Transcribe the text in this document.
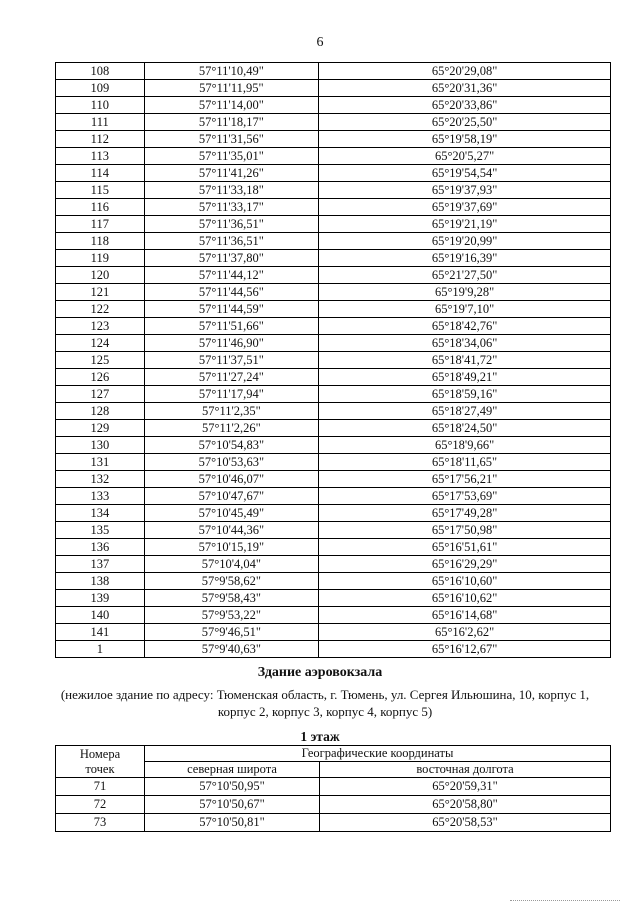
6
108	57°11'10,49"	65°20'29,08"
109	57°11'11,95"	65°20'31,36"
110	57°11'14,00"	65°20'33,86"
111	57°11'18,17"	65°20'25,50"
112	57°11'31,56"	65°19'58,19"
113	57°11'35,01"	65°20'5,27"
114	57°11'41,26"	65°19'54,54"
115	57°11'33,18"	65°19'37,93"
116	57°11'33,17"	65°19'37,69"
117	57°11'36,51"	65°19'21,19"
118	57°11'36,51"	65°19'20,99"
119	57°11'37,80"	65°19'16,39"
120	57°11'44,12"	65°21'27,50"
121	57°11'44,56"	65°19'9,28"
122	57°11'44,59"	65°19'7,10"
123	57°11'51,66"	65°18'42,76"
124	57°11'46,90"	65°18'34,06"
125	57°11'37,51"	65°18'41,72"
126	57°11'27,24"	65°18'49,21"
127	57°11'17,94"	65°18'59,16"
128	57°11'2,35"	65°18'27,49"
129	57°11'2,26"	65°18'24,50"
130	57°10'54,83"	65°18'9,66"
131	57°10'53,63"	65°18'11,65"
132	57°10'46,07"	65°17'56,21"
133	57°10'47,67"	65°17'53,69"
134	57°10'45,49"	65°17'49,28"
135	57°10'44,36"	65°17'50,98"
136	57°10'15,19"	65°16'51,61"
137	57°10'4,04"	65°16'29,29"
138	57°9'58,62"	65°16'10,60"
139	57°9'58,43"	65°16'10,62"
140	57°9'53,22"	65°16'14,68"
141	57°9'46,51"	65°16'2,62"
1	57°9'40,63"	65°16'12,67"
Здание аэровокзала
(нежилое здание по адресу: Тюменская область, г. Тюмень, ул. Сергея Ильюшина, 10, корпус 1, корпус 2, корпус 3, корпус 4, корпус 5)
1 этаж
Номера
точек	Географические координаты	
	северная широта	восточная долгота
71	57°10'50,95"	65°20'59,31"
72	57°10'50,67"	65°20'58,80"
73	57°10'50,81"	65°20'58,53"
